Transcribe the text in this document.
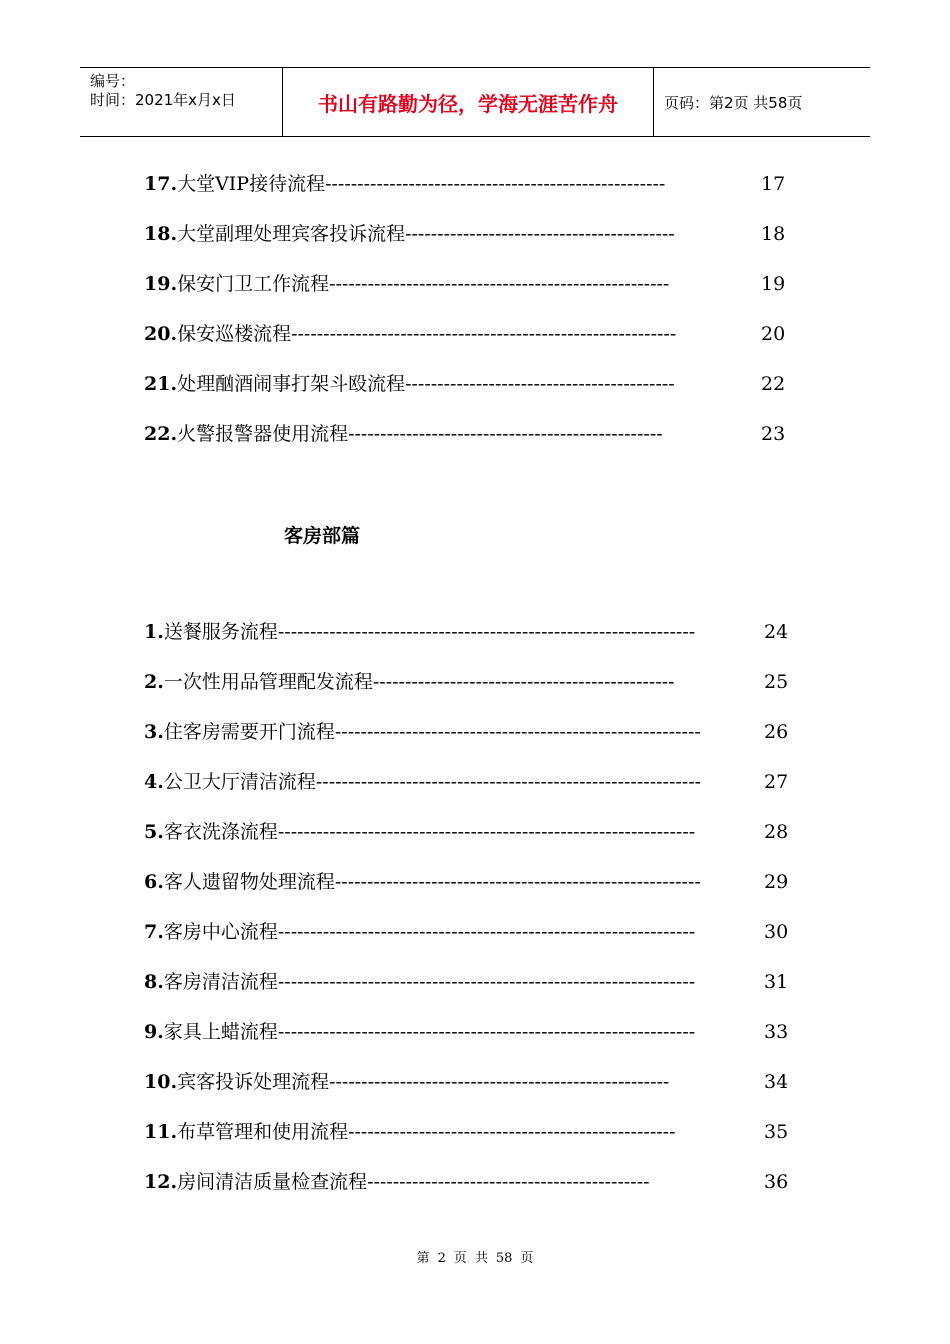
编号：
时间：2021年x月x日	书山有路勤为径，学海无涯苦作舟	页码：第2页 共58页
17.大堂VIP接待流程-----------------------------------------------------	17
18.大堂副理处理宾客投诉流程------------------------------------------	18
19.保安门卫工作流程-----------------------------------------------------	19
20.保安巡楼流程------------------------------------------------------------	20
21.处理酗酒闹事打架斗殴流程------------------------------------------	22
22.火警报警器使用流程-------------------------------------------------	23
客房部篇
1.送餐服务流程-----------------------------------------------------------------	24
2.一次性用品管理配发流程-----------------------------------------------	25
3.住客房需要开门流程---------------------------------------------------------	26
4.公卫大厅清洁流程------------------------------------------------------------	27
5.客衣洗涤流程-----------------------------------------------------------------	28
6.客人遗留物处理流程---------------------------------------------------------	29
7.客房中心流程-----------------------------------------------------------------	30
8.客房清洁流程-----------------------------------------------------------------	31
9.家具上蜡流程-----------------------------------------------------------------	33
10.宾客投诉处理流程-----------------------------------------------------	34
11.布草管理和使用流程---------------------------------------------------	35
12.房间清洁质量检查流程--------------------------------------------	36
第 2 页 共 58 页
